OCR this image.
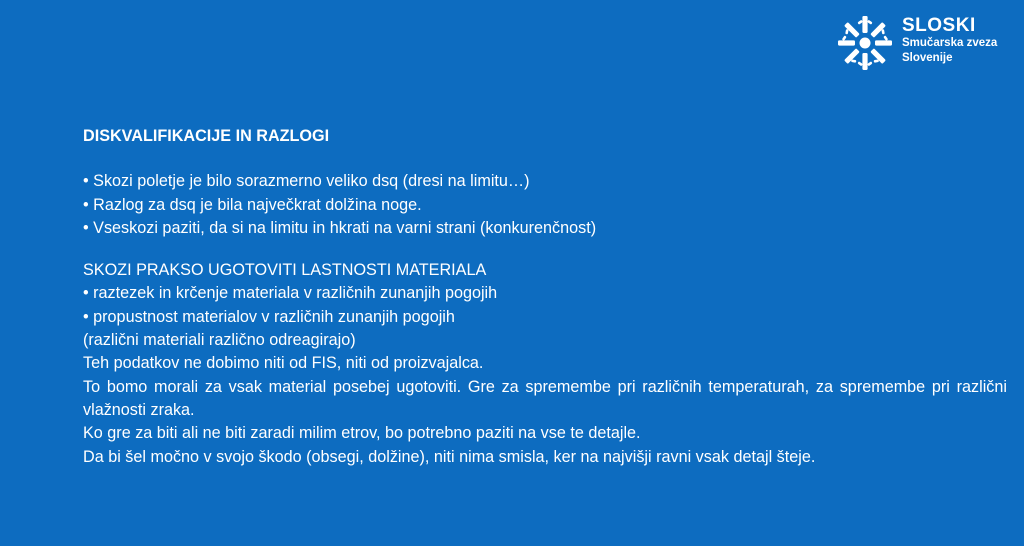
SLOSKI
Smučarska zveza
Slovenije

DISKVALIFIKACIJE IN RAZLOGI

• Skozi poletje je bilo sorazmerno veliko dsq (dresi na limitu…)

• Razlog za dsq je bila največkrat dolžina noge.

• Vseskozi paziti, da si na limitu in hkrati na varni strani (konkurenčnost)

SKOZI PRAKSO UGOTOVITI LASTNOSTI MATERIALA

• raztezek in krčenje materiala v različnih zunanjih pogojih

• propustnost materialov v različnih zunanjih pogojih

(različni materiali različno odreagirajo)

Teh podatkov ne dobimo niti od FIS, niti od proizvajalca.

To bomo morali za vsak material posebej ugotoviti. Gre za spremembe pri različnih temperaturah, za spremembe pri različni vlažnosti zraka.

Ko gre za biti ali ne biti zaradi milim etrov, bo potrebno paziti na vse te detajle.

Da bi šel močno v svojo škodo (obsegi, dolžine), niti nima smisla, ker na najvišji ravni vsak detajl šteje.
